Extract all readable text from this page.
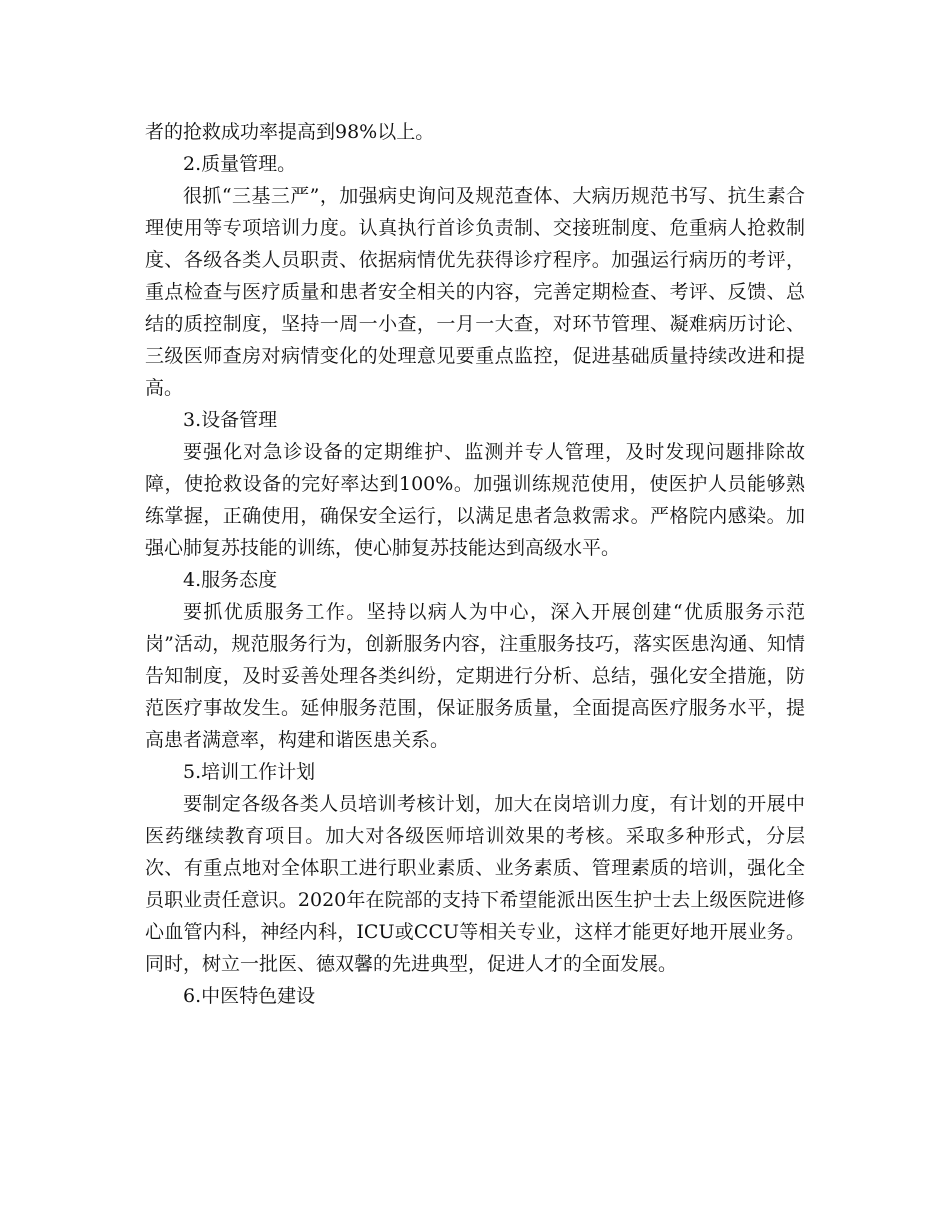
者的抢救成功率提高到98%以上。

2.质量管理。

很抓“三基三严”，加强病史询问及规范查体、大病历规范书写、抗生素合理使用等专项培训力度。认真执行首诊负责制、交接班制度、危重病人抢救制度、各级各类人员职责、依据病情优先获得诊疗程序。加强运行病历的考评，重点检查与医疗质量和患者安全相关的内容，完善定期检查、考评、反馈、总结的质控制度，坚持一周一小查，一月一大查，对环节管理、凝难病历讨论、三级医师查房对病情变化的处理意见要重点监控，促进基础质量持续改进和提高。

3.设备管理

要强化对急诊设备的定期维护、监测并专人管理，及时发现问题排除故障，使抢救设备的完好率达到100%。加强训练规范使用，使医护人员能够熟练掌握，正确使用，确保安全运行，以满足患者急救需求。严格院内感染。加强心肺复苏技能的训练，使心肺复苏技能达到高级水平。

4.服务态度

要抓优质服务工作。坚持以病人为中心，深入开展创建“优质服务示范岗”活动，规范服务行为，创新服务内容，注重服务技巧，落实医患沟通、知情告知制度，及时妥善处理各类纠纷，定期进行分析、总结，强化安全措施，防范医疗事故发生。延伸服务范围，保证服务质量，全面提高医疗服务水平，提高患者满意率，构建和谐医患关系。

5.培训工作计划

要制定各级各类人员培训考核计划，加大在岗培训力度，有计划的开展中医药继续教育项目。加大对各级医师培训效果的考核。采取多种形式，分层次、有重点地对全体职工进行职业素质、业务素质、管理素质的培训，强化全员职业责任意识。2020年在院部的支持下希望能派出医生护士去上级医院进修心血管内科，神经内科，ICU或CCU等相关专业，这样才能更好地开展业务。同时，树立一批医、德双馨的先进典型，促进人才的全面发展。

6.中医特色建设
